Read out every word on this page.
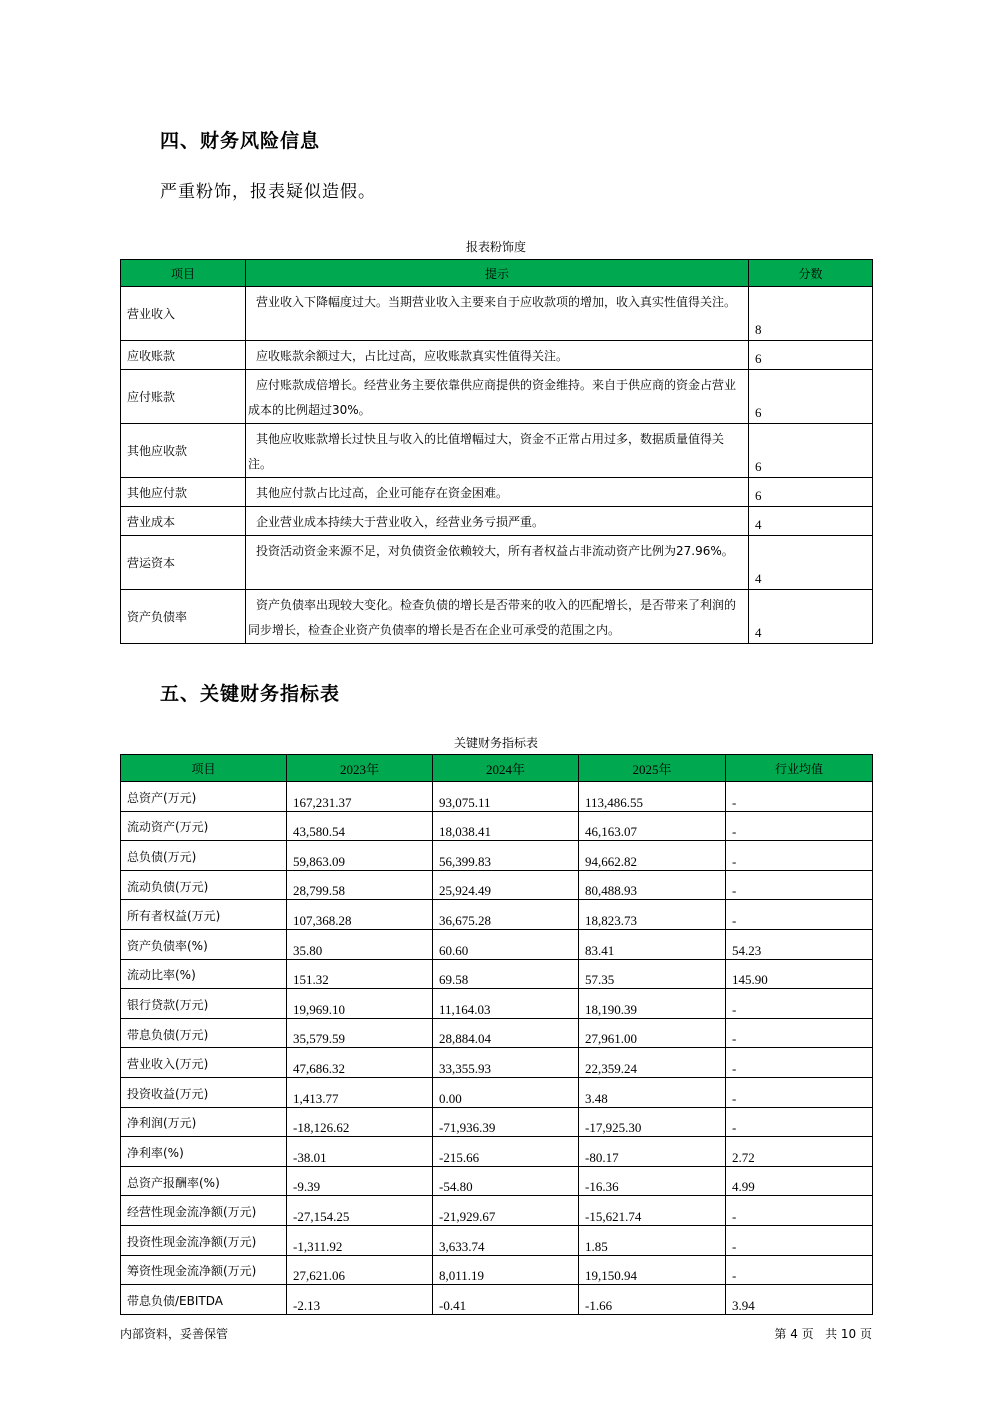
四、财务风险信息
严重粉饰，报表疑似造假。
报表粉饰度
项目	提示	分数
营业收入	营业收入下降幅度过大。当期营业收入主要来自于应收款项的增加，收入真实性值得关注。	8
应收账款	应收账款余额过大，占比过高，应收账款真实性值得关注。	6
应付账款	应付账款成倍增长。经营业务主要依靠供应商提供的资金维持。来自于供应商的资金占营业成本的比例超过30%。	6
其他应收款	其他应收账款增长过快且与收入的比值增幅过大，资金不正常占用过多，数据质量值得关注。	6
其他应付款	其他应付款占比过高，企业可能存在资金困难。	6
营业成本	企业营业成本持续大于营业收入，经营业务亏损严重。	4
营运资本	投资活动资金来源不足，对负债资金依赖较大，所有者权益占非流动资产比例为27.96%。	4
资产负债率	资产负债率出现较大变化。检查负债的增长是否带来的收入的匹配增长，是否带来了利润的同步增长，检查企业资产负债率的增长是否在企业可承受的范围之内。	4
五、关键财务指标表
关键财务指标表
项目	2023年	2024年	2025年	行业均值
总资产(万元)	167,231.37	93,075.11	113,486.55	-
流动资产(万元)	43,580.54	18,038.41	46,163.07	-
总负债(万元)	59,863.09	56,399.83	94,662.82	-
流动负债(万元)	28,799.58	25,924.49	80,488.93	-
所有者权益(万元)	107,368.28	36,675.28	18,823.73	-
资产负债率(%)	35.80	60.60	83.41	54.23
流动比率(%)	151.32	69.58	57.35	145.90
银行贷款(万元)	19,969.10	11,164.03	18,190.39	-
带息负债(万元)	35,579.59	28,884.04	27,961.00	-
营业收入(万元)	47,686.32	33,355.93	22,359.24	-
投资收益(万元)	1,413.77	0.00	3.48	-
净利润(万元)	-18,126.62	-71,936.39	-17,925.30	-
净利率(%)	-38.01	-215.66	-80.17	2.72
总资产报酬率(%)	-9.39	-54.80	-16.36	4.99
经营性现金流净额(万元)	-27,154.25	-21,929.67	-15,621.74	-
投资性现金流净额(万元)	-1,311.92	3,633.74	1.85	-
筹资性现金流净额(万元)	27,621.06	8,011.19	19,150.94	-
带息负债/EBITDA	-2.13	-0.41	-1.66	3.94
内部资料，妥善保管	第 4 页   共 10 页
